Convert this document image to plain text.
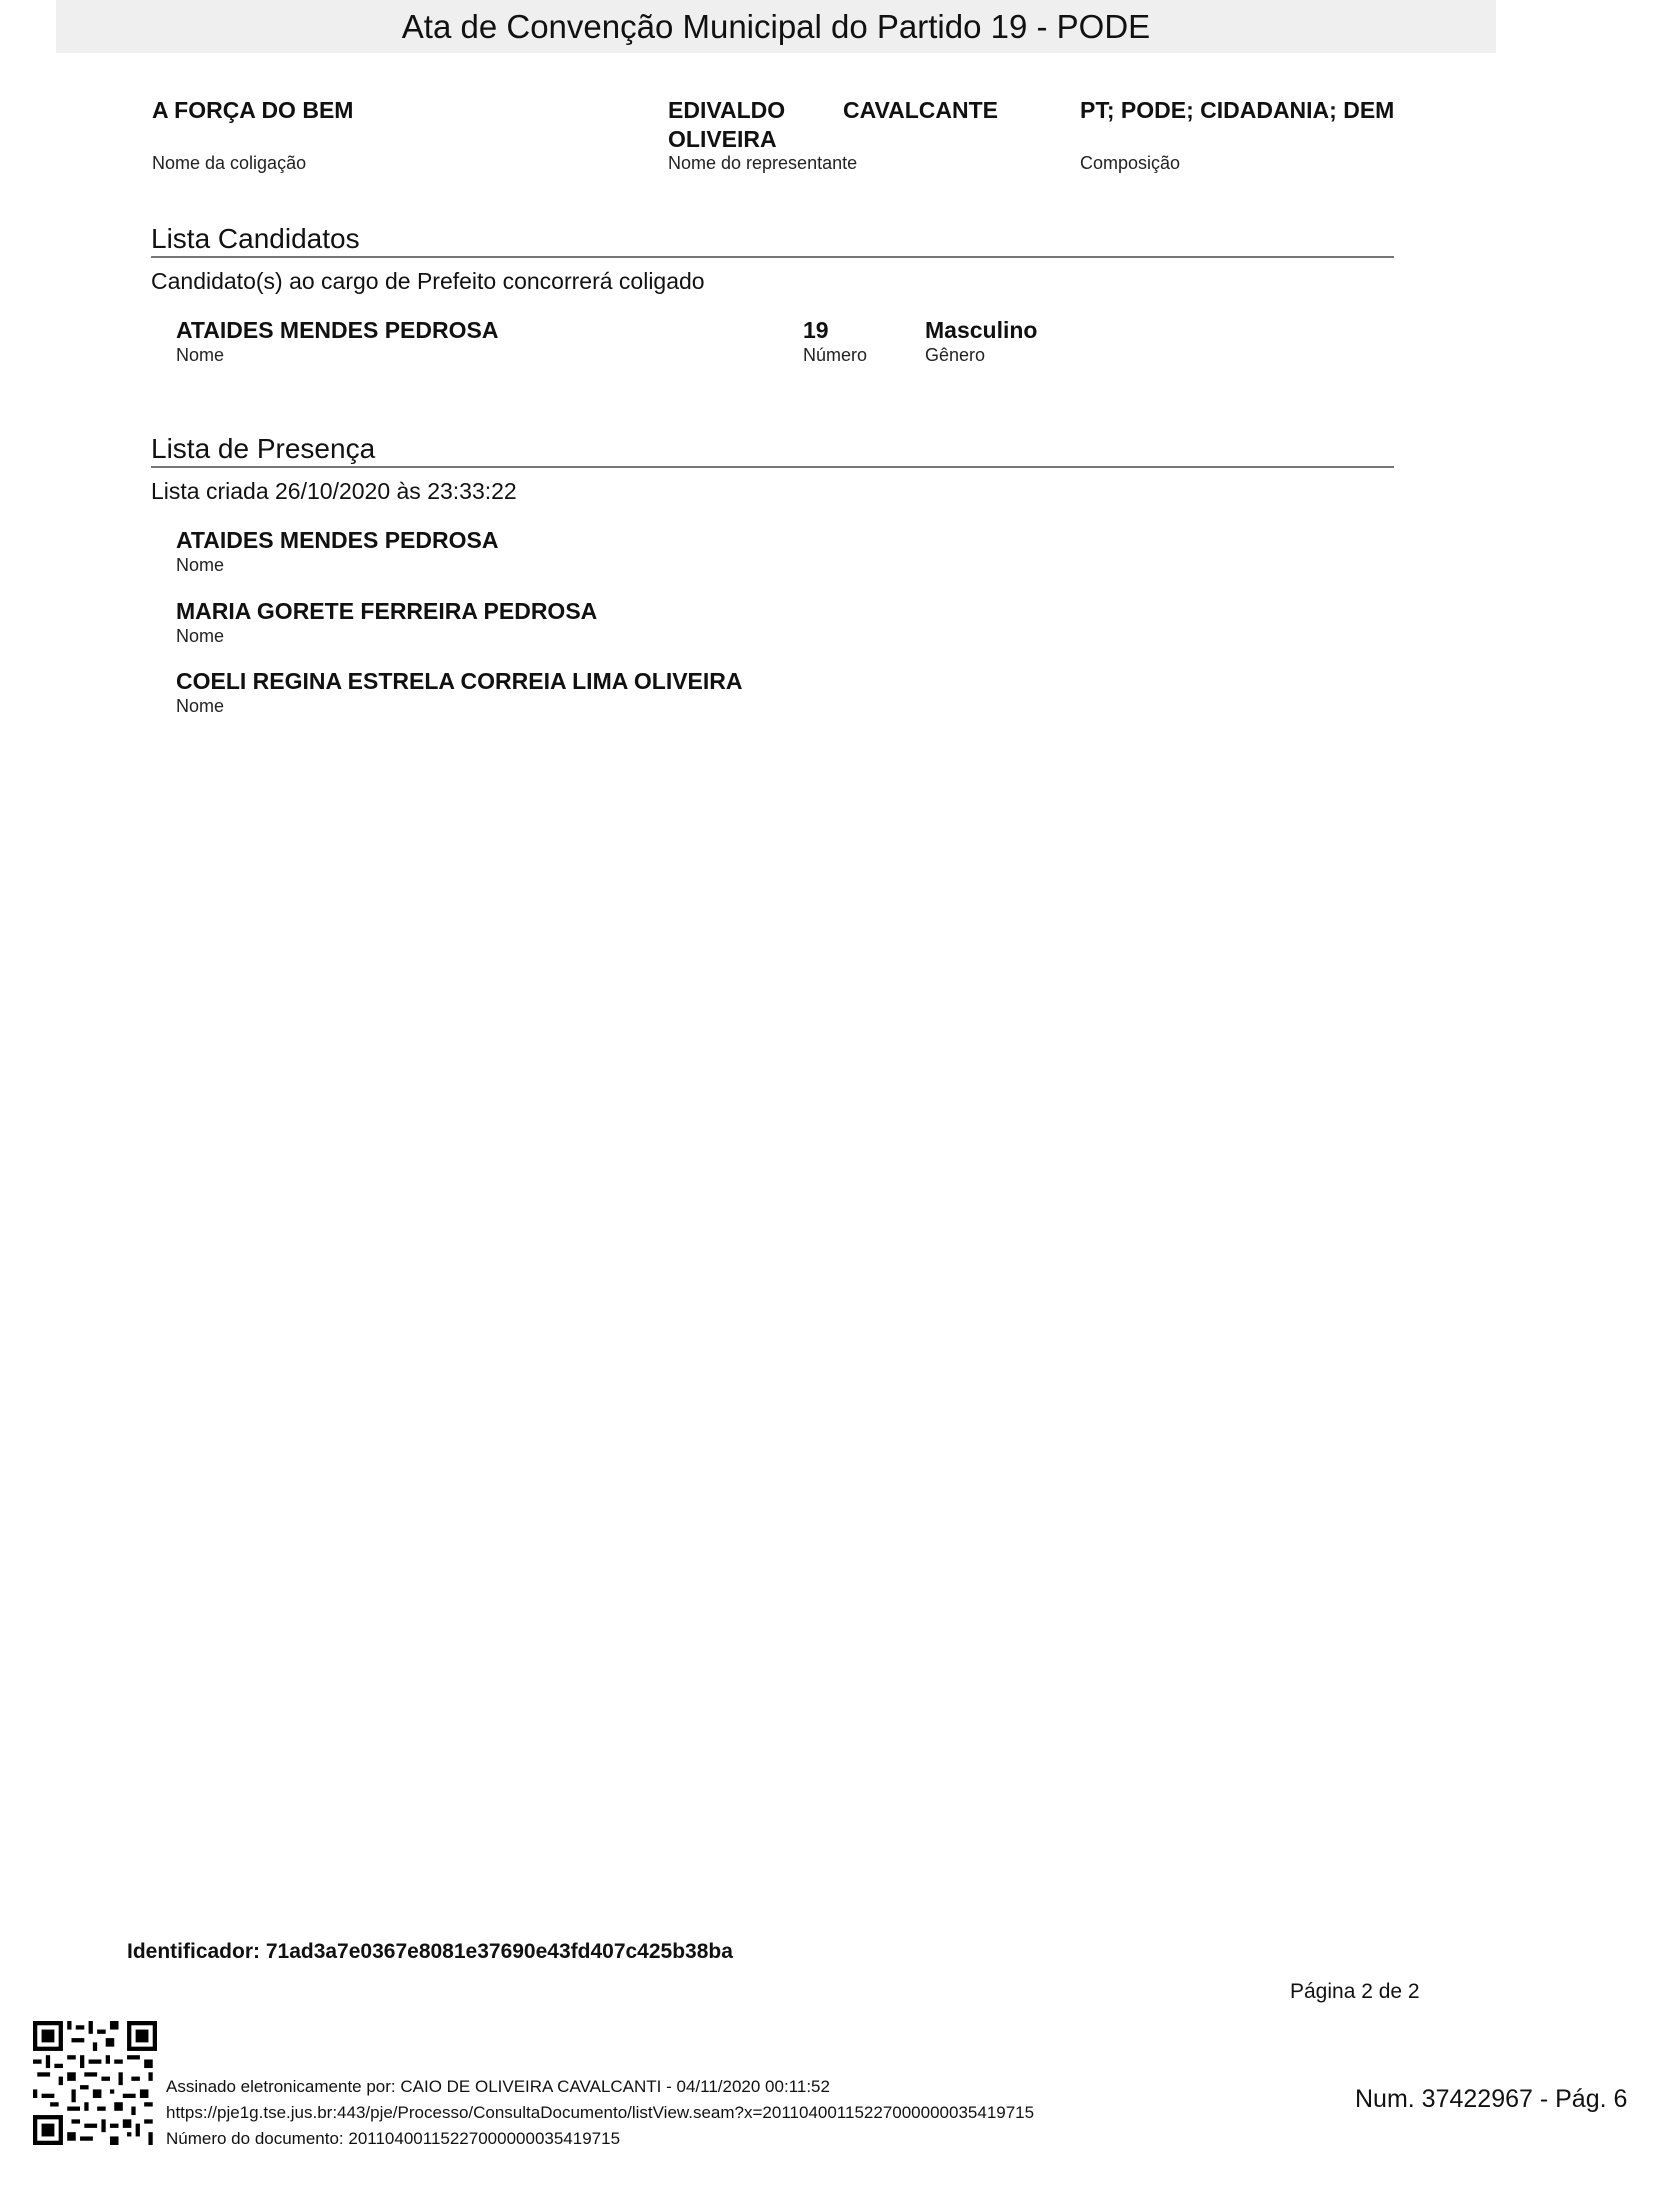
Ata de Convenção Municipal do Partido 19 - PODE
A FORÇA DO BEM
Nome da coligação
EDIVALDO	CAVALCANTE
OLIVEIRA
Nome do representante
PT; PODE; CIDADANIA; DEM
Composição
Lista Candidatos
Candidato(s) ao cargo de Prefeito concorrerá coligado
ATAIDES MENDES PEDROSA
Nome
19
Número
Masculino
Gênero
Lista de Presença
Lista criada 26/10/2020 às 23:33:22
ATAIDES MENDES PEDROSA
Nome
MARIA GORETE FERREIRA PEDROSA
Nome
COELI REGINA ESTRELA CORREIA LIMA OLIVEIRA
Nome
Identificador: 71ad3a7e0367e8081e37690e43fd407c425b38ba
Página 2 de 2
Assinado eletronicamente por: CAIO DE OLIVEIRA CAVALCANTI - 04/11/2020 00:11:52
https://pje1g.tse.jus.br:443/pje/Processo/ConsultaDocumento/listView.seam?x=20110400115227000000035419715
Número do documento: 20110400115227000000035419715
Num. 37422967 - Pág. 6
